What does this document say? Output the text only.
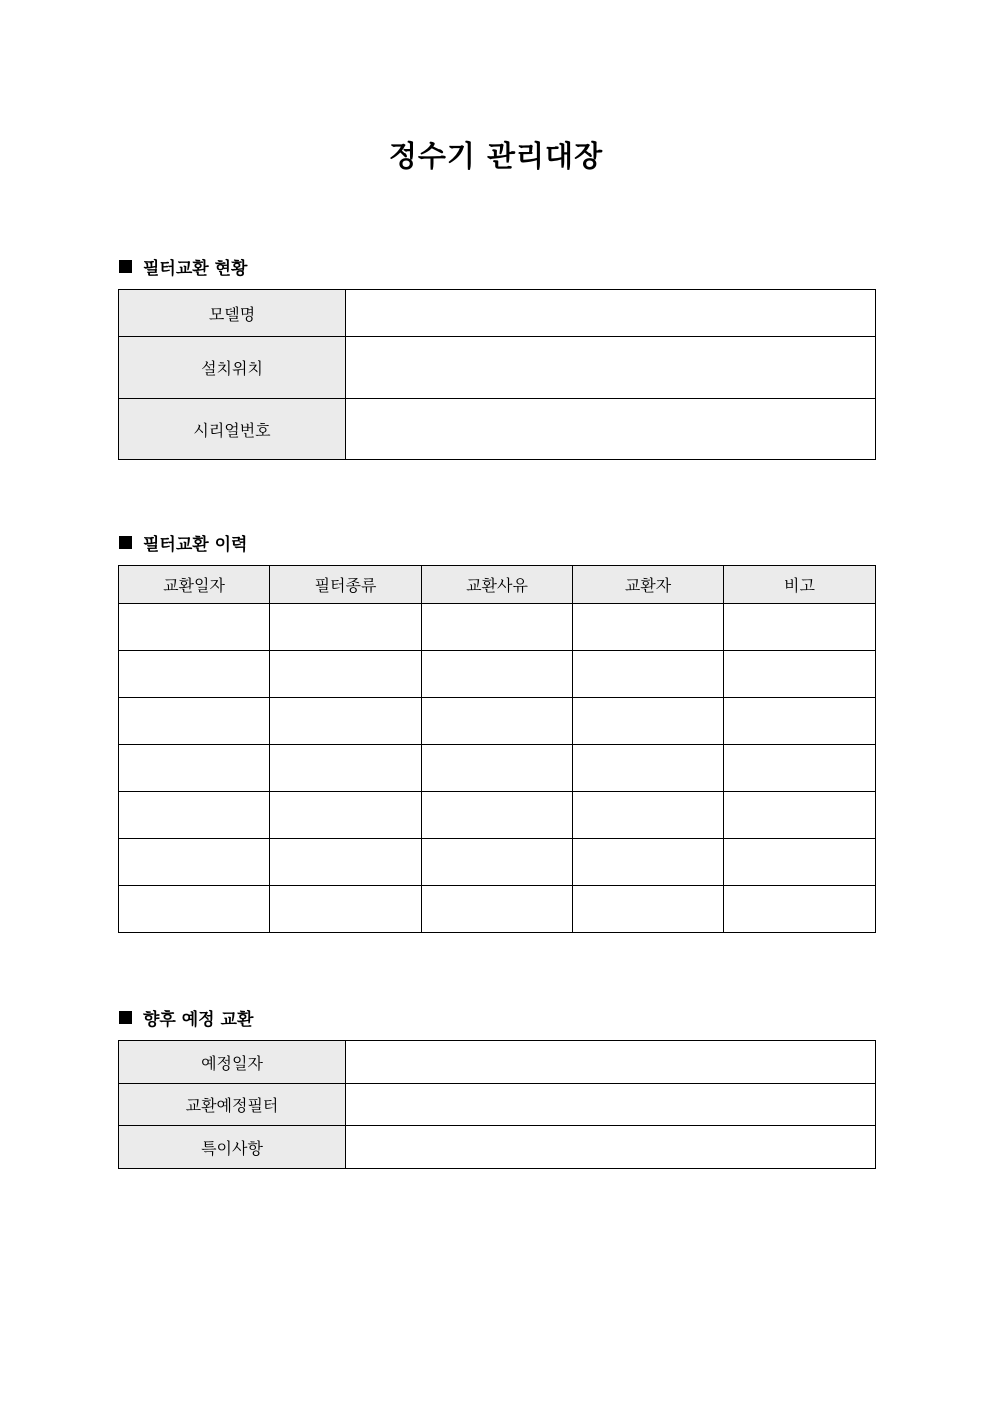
정수기 관리대장
필터교환 현황
모델명	
설치위치	
시리얼번호	
필터교환 이력
교환일자	필터종류	교환사유	교환자	비고

향후 예정 교환
예정일자	
교환예정필터	
특이사항	
